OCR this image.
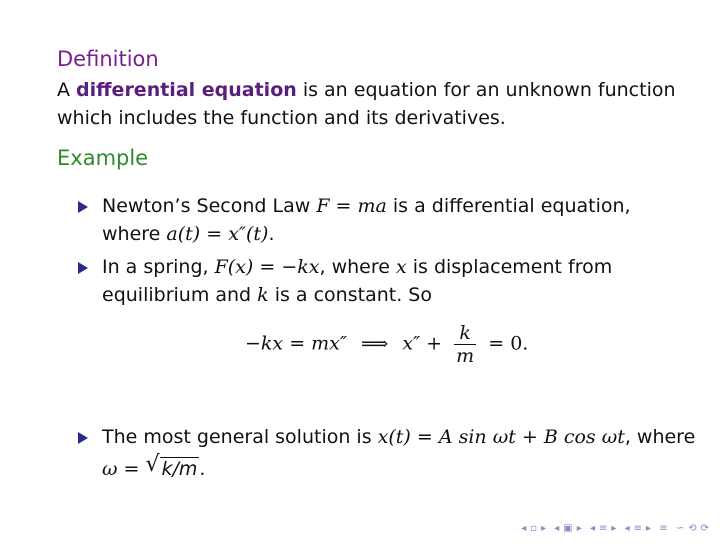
Definition
A differential equation is an equation for an unknown function
which includes the function and its derivatives.
Example
Newton’s Second Law F = ma is a differential equation,
where a(t) = x″(t).
In a spring, F(x) = −kx, where x is displacement from
equilibrium and k is a constant. So
−kx = mx″ ⟹ $x'' + \frac{k}{m} = 0$.
The most general solution is x(t) = A sin ωt + B cos ωt, where
ω = √ k/m .
◂ ▫ ▸ ◂ ▣ ▸ ◂ ≡ ▸ ◂ ≡ ▸ ≡ ∽ ⟲ ⟳
